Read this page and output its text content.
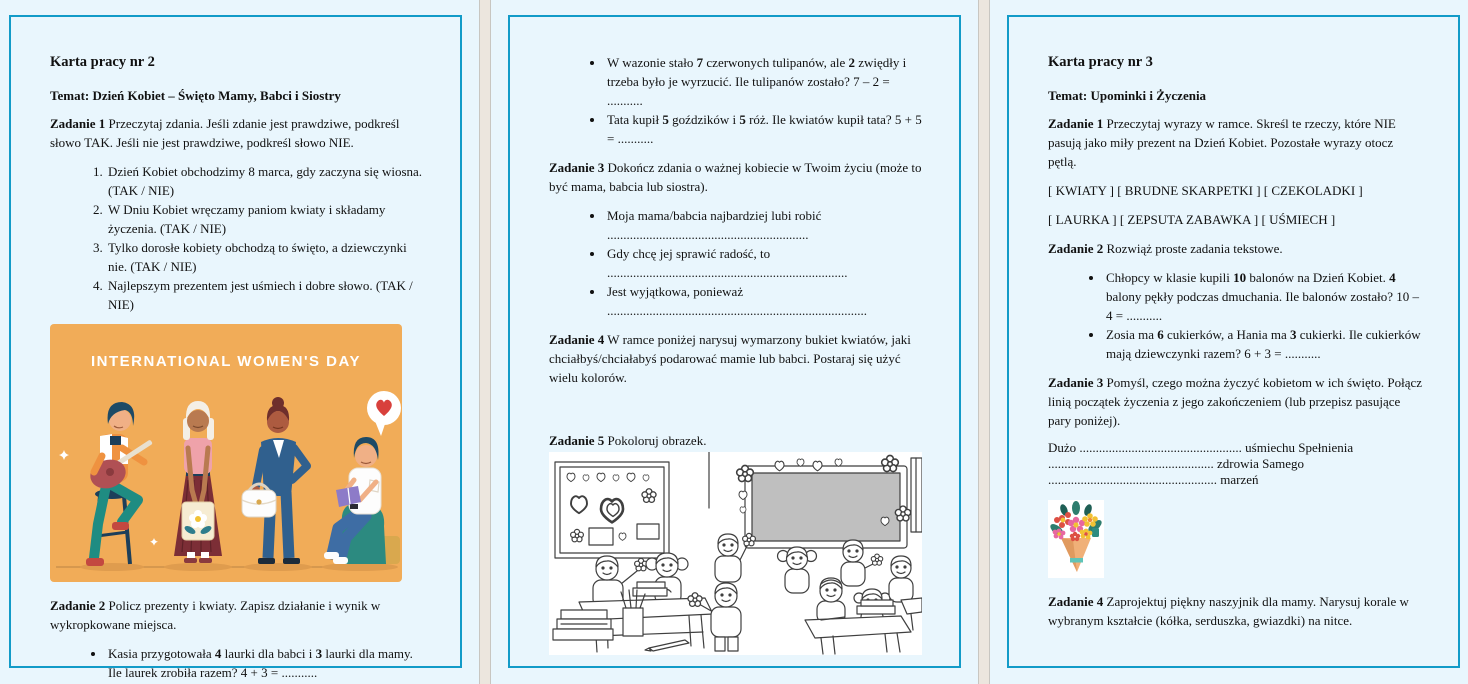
Karta pracy nr 2

Temat: Dzień Kobiet – Święto Mamy, Babci i Siostry

Zadanie 1 Przeczytaj zdania. Jeśli zdanie jest prawdziwe, podkreśl słowo TAK. Jeśli nie jest prawdziwe, podkreśl słowo NIE.

1. Dzień Kobiet obchodzimy 8 marca, gdy zaczyna się wiosna. (TAK / NIE)
2. W Dniu Kobiet wręczamy paniom kwiaty i składamy życzenia. (TAK / NIE)
3. Tylko dorosłe kobiety obchodzą to święto, a dziewczynki nie. (TAK / NIE)
4. Najlepszym prezentem jest uśmiech i dobre słowo. (TAK / NIE)
INTERNATIONAL WOMEN'S DAY

Zadanie 2 Policz prezenty i kwiaty. Zapisz działanie i wynik w wykropkowane miejsca.

• Kasia przygotowała 4 laurki dla babci i 3 laurki dla mamy. Ile laurek zrobiła razem? 4 + 3 = ...........
• W wazonie stało 7 czerwonych tulipanów, ale 2 zwiędły i trzeba było je wyrzucić. Ile tulipanów zostało? 7 – 2 = ...........
• Tata kupił 5 goździków i 5 róż. Ile kwiatów kupił tata? 5 + 5 = ...........

Zadanie 3 Dokończ zdania o ważnej kobiecie w Twoim życiu (może to być mama, babcia lub siostra).

• Moja mama/babcia najbardziej lubi robić
..............................................................
• Gdy chcę jej sprawić radość, to
..........................................................................
• Jest wyjątkowa, ponieważ
................................................................................

Zadanie 4 W ramce poniżej narysuj wymarzony bukiet kwiatów, jaki chciałbyś/chciałabyś podarować mamie lub babci. Postaraj się użyć wielu kolorów.

Zadanie 5 Pokoloruj obrazek.

Karta pracy nr 3

Temat: Upominki i Życzenia

Zadanie 1 Przeczytaj wyrazy w ramce. Skreśl te rzeczy, które NIE pasują jako miły prezent na Dzień Kobiet. Pozostałe wyrazy otocz pętlą.

[ KWIATY ] [ BRUDNE SKARPETKI ] [ CZEKOLADKI ]

[ LAURKA ] [ ZEPSUTA ZABAWKA ] [ UŚMIECH ]

Zadanie 2 Rozwiąż proste zadania tekstowe.

• Chłopcy w klasie kupili 10 balonów na Dzień Kobiet. 4 balony pękły podczas dmuchania. Ile balonów zostało? 10 – 4 = ...........
• Zosia ma 6 cukierków, a Hania ma 3 cukierki. Ile cukierków mają dziewczynki razem? 6 + 3 = ...........

Zadanie 3 Pomyśl, czego można życzyć kobietom w ich święto. Połącz linią początek życzenia z jego zakończeniem (lub przepisz pasujące pary poniżej).

Dużo .................................................. uśmiechu Spełnienia
................................................... zdrowia Samego
.................................................... marzeń

Zadanie 4 Zaprojektuj piękny naszyjnik dla mamy. Narysuj korale w wybranym kształcie (kółka, serduszka, gwiazdki) na nitce.
